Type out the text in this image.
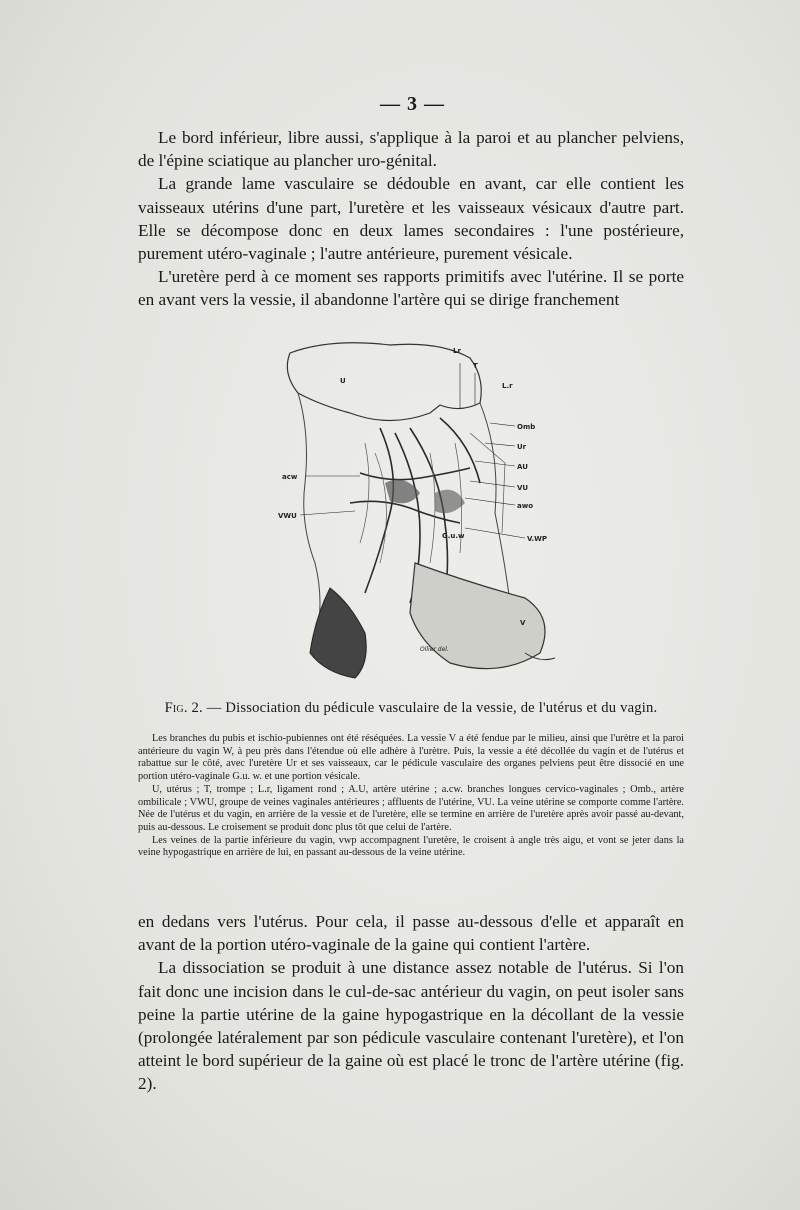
— 3 —

Le bord inférieur, libre aussi, s'applique à la paroi et au plancher pelviens, de l'épine sciatique au plancher uro-génital.

La grande lame vasculaire se dédouble en avant, car elle contient les vaisseaux utérins d'une part, l'uretère et les vaisseaux vésicaux d'autre part. Elle se décompose donc en deux lames secondaires : l'une postérieure, purement utéro-vaginale ; l'autre antérieure, purement vésicale.

L'uretère perd à ce moment ses rapports primitifs avec l'utérine. Il se porte en avant vers la vessie, il abandonne l'artère qui se dirige franchement

Lr
U
T
L.r
Omb
Ur
AU
VU
awo
V.WP
acw
VWU
G.u.w
V
Ollier del.
Fig. 2. — Dissociation du pédicule vasculaire de la vessie, de l'utérus et du vagin.

Les branches du pubis et ischio-pubiennes ont été réséquées. La vessie V a été fendue par le milieu, ainsi que l'urètre et la paroi antérieure du vagin W, à peu près dans l'étendue où elle adhère à l'urètre. Puis, la vessie a été décollée du vagin et de l'utérus et rabattue sur le côté, avec l'uretère Ur et ses vaisseaux, car le pédicule vasculaire des organes pelviens peut être dissocié en une portion utéro-vaginale G.u. w. et une portion vésicale.

U, utérus ; T, trompe ; L.r, ligament rond ; A.U, artère utérine ; a.cw. branches longues cervico-vaginales ; Omb., artère ombilicale ; VWU, groupe de veines vaginales antérieures ; affluents de l'utérine, VU. La veine utérine se comporte comme l'artère. Née de l'utérus et du vagin, en arrière de la vessie et de l'uretère, elle se termine en arrière de l'uretère après avoir passé au-devant, puis au-dessous. Le croisement se produit donc plus tôt que celui de l'artère.

Les veines de la partie inférieure du vagin, vwp accompagnent l'uretère, le croisent à angle très aigu, et vont se jeter dans la veine hypogastrique en arrière de lui, en passant au-dessous de la veine utérine.

en dedans vers l'utérus. Pour cela, il passe au-dessous d'elle et apparaît en avant de la portion utéro-vaginale de la gaine qui contient l'artère.

La dissociation se produit à une distance assez notable de l'utérus. Si l'on fait donc une incision dans le cul-de-sac antérieur du vagin, on peut isoler sans peine la partie utérine de la gaine hypogastrique en la décollant de la vessie (prolongée latéralement par son pédicule vasculaire contenant l'uretère), et l'on atteint le bord supérieur de la gaine où est placé le tronc de l'artère utérine (fig. 2).
